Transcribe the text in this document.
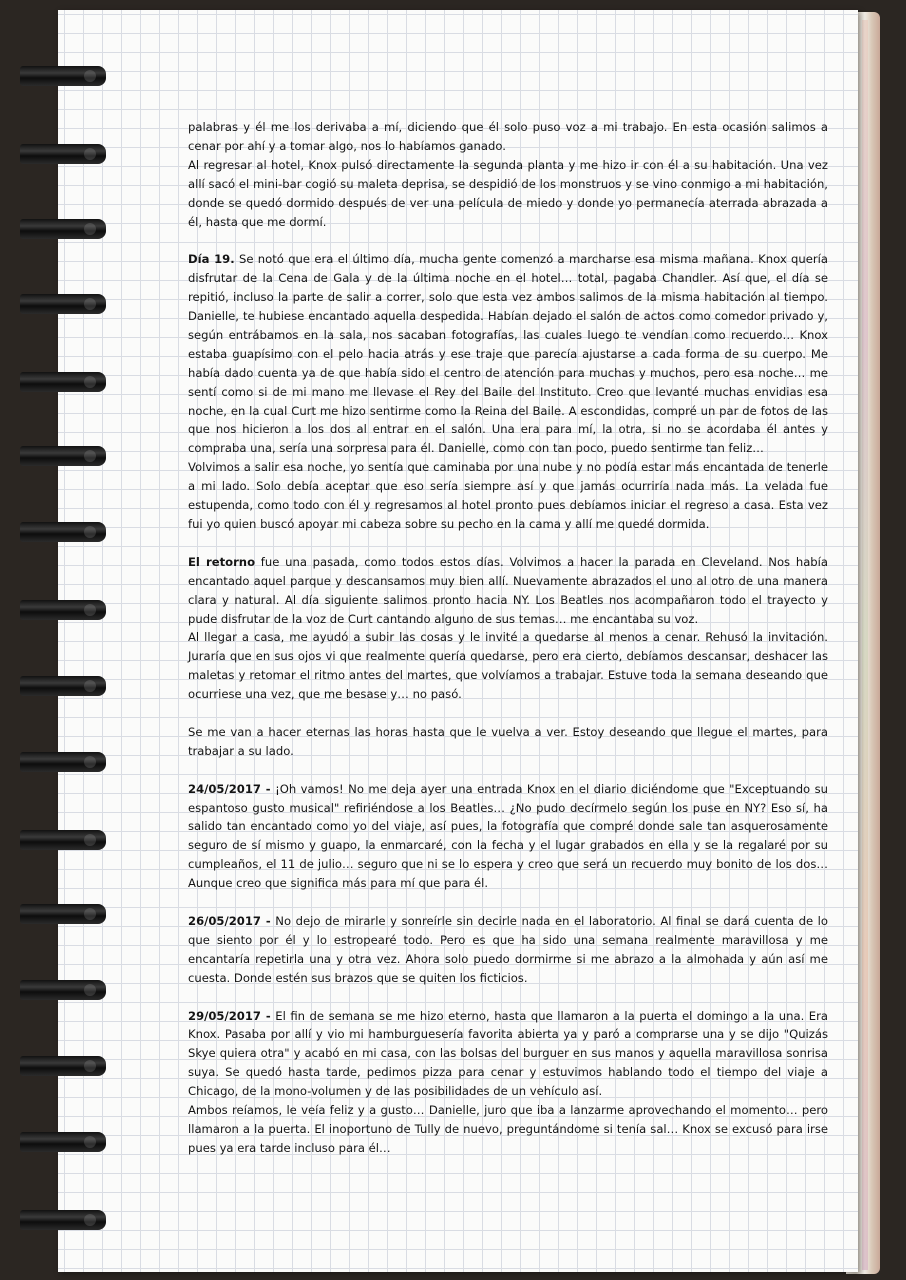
palabras y él me los derivaba a mí, diciendo que él solo puso voz a mi trabajo. En esta ocasión salimos a cenar por ahí y a tomar algo, nos lo habíamos ganado.

Al regresar al hotel, Knox pulsó directamente la segunda planta y me hizo ir con él a su habitación. Una vez allí sacó el mini-bar cogió su maleta deprisa, se despidió de los monstruos y se vino conmigo a mi habitación, donde se quedó dormido después de ver una película de miedo y donde yo permanecía aterrada abrazada a él, hasta que me dormí.

Día 19. Se notó que era el último día, mucha gente comenzó a marcharse esa misma mañana. Knox quería disfrutar de la Cena de Gala y de la última noche en el hotel… total, pagaba Chandler. Así que, el día se repitió, incluso la parte de salir a correr, solo que esta vez ambos salimos de la misma habitación al tiempo. Danielle, te hubiese encantado aquella despedida. Habían dejado el salón de actos como comedor privado y, según entrábamos en la sala, nos sacaban fotografías, las cuales luego te vendían como recuerdo… Knox estaba guapísimo con el pelo hacia atrás y ese traje que parecía ajustarse a cada forma de su cuerpo. Me había dado cuenta ya de que había sido el centro de atención para muchas y muchos, pero esa noche… me sentí como si de mi mano me llevase el Rey del Baile del Instituto. Creo que levanté muchas envidias esa noche, en la cual Curt me hizo sentirme como la Reina del Baile. A escondidas, compré un par de fotos de las que nos hicieron a los dos al entrar en el salón. Una era para mí, la otra, si no se acordaba él antes y compraba una, sería una sorpresa para él. Danielle, como con tan poco, puedo sentirme tan feliz…

Volvimos a salir esa noche, yo sentía que caminaba por una nube y no podía estar más encantada de tenerle a mi lado. Solo debía aceptar que eso sería siempre así y que jamás ocurriría nada más. La velada fue estupenda, como todo con él y regresamos al hotel pronto pues debíamos iniciar el regreso a casa. Esta vez fui yo quien buscó apoyar mi cabeza sobre su pecho en la cama y allí me quedé dormida.

El retorno fue una pasada, como todos estos días. Volvimos a hacer la parada en Cleveland. Nos había encantado aquel parque y descansamos muy bien allí. Nuevamente abrazados el uno al otro de una manera clara y natural. Al día siguiente salimos pronto hacia NY. Los Beatles nos acompañaron todo el trayecto y pude disfrutar de la voz de Curt cantando alguno de sus temas… me encantaba su voz.

Al llegar a casa, me ayudó a subir las cosas y le invité a quedarse al menos a cenar. Rehusó la invitación. Juraría que en sus ojos vi que realmente quería quedarse, pero era cierto, debíamos descansar, deshacer las maletas y retomar el ritmo antes del martes, que volvíamos a trabajar. Estuve toda la semana deseando que ocurriese una vez, que me besase y… no pasó.

Se me van a hacer eternas las horas hasta que le vuelva a ver. Estoy deseando que llegue el martes, para trabajar a su lado.

24/05/2017 - ¡Oh vamos! No me deja ayer una entrada Knox en el diario diciéndome que "Exceptuando su espantoso gusto musical" refiriéndose a los Beatles… ¿No pudo decírmelo según los puse en NY? Eso sí, ha salido tan encantado como yo del viaje, así pues, la fotografía que compré donde sale tan asquerosamente seguro de sí mismo y guapo, la enmarcaré, con la fecha y el lugar grabados en ella y se la regalaré por su cumpleaños, el 11 de julio… seguro que ni se lo espera y creo que será un recuerdo muy bonito de los dos… Aunque creo que significa más para mí que para él.

26/05/2017 - No dejo de mirarle y sonreírle sin decirle nada en el laboratorio. Al final se dará cuenta de lo que siento por él y lo estropearé todo. Pero es que ha sido una semana realmente maravillosa y me encantaría repetirla una y otra vez. Ahora solo puedo dormirme si me abrazo a la almohada y aún así me cuesta. Donde estén sus brazos que se quiten los ficticios.

29/05/2017 - El fin de semana se me hizo eterno, hasta que llamaron a la puerta el domingo a la una. Era Knox. Pasaba por allí y vio mi hamburguesería favorita abierta ya y paró a comprarse una y se dijo "Quizás Skye quiera otra" y acabó en mi casa, con las bolsas del burguer en sus manos y aquella maravillosa sonrisa suya. Se quedó hasta tarde, pedimos pizza para cenar y estuvimos hablando todo el tiempo del viaje a Chicago, de la mono-volumen y de las posibilidades de un vehículo así.

Ambos reíamos, le veía feliz y a gusto… Danielle, juro que iba a lanzarme aprovechando el momento… pero llamaron a la puerta. El inoportuno de Tully de nuevo, preguntándome si tenía sal… Knox se excusó para irse pues ya era tarde incluso para él…
